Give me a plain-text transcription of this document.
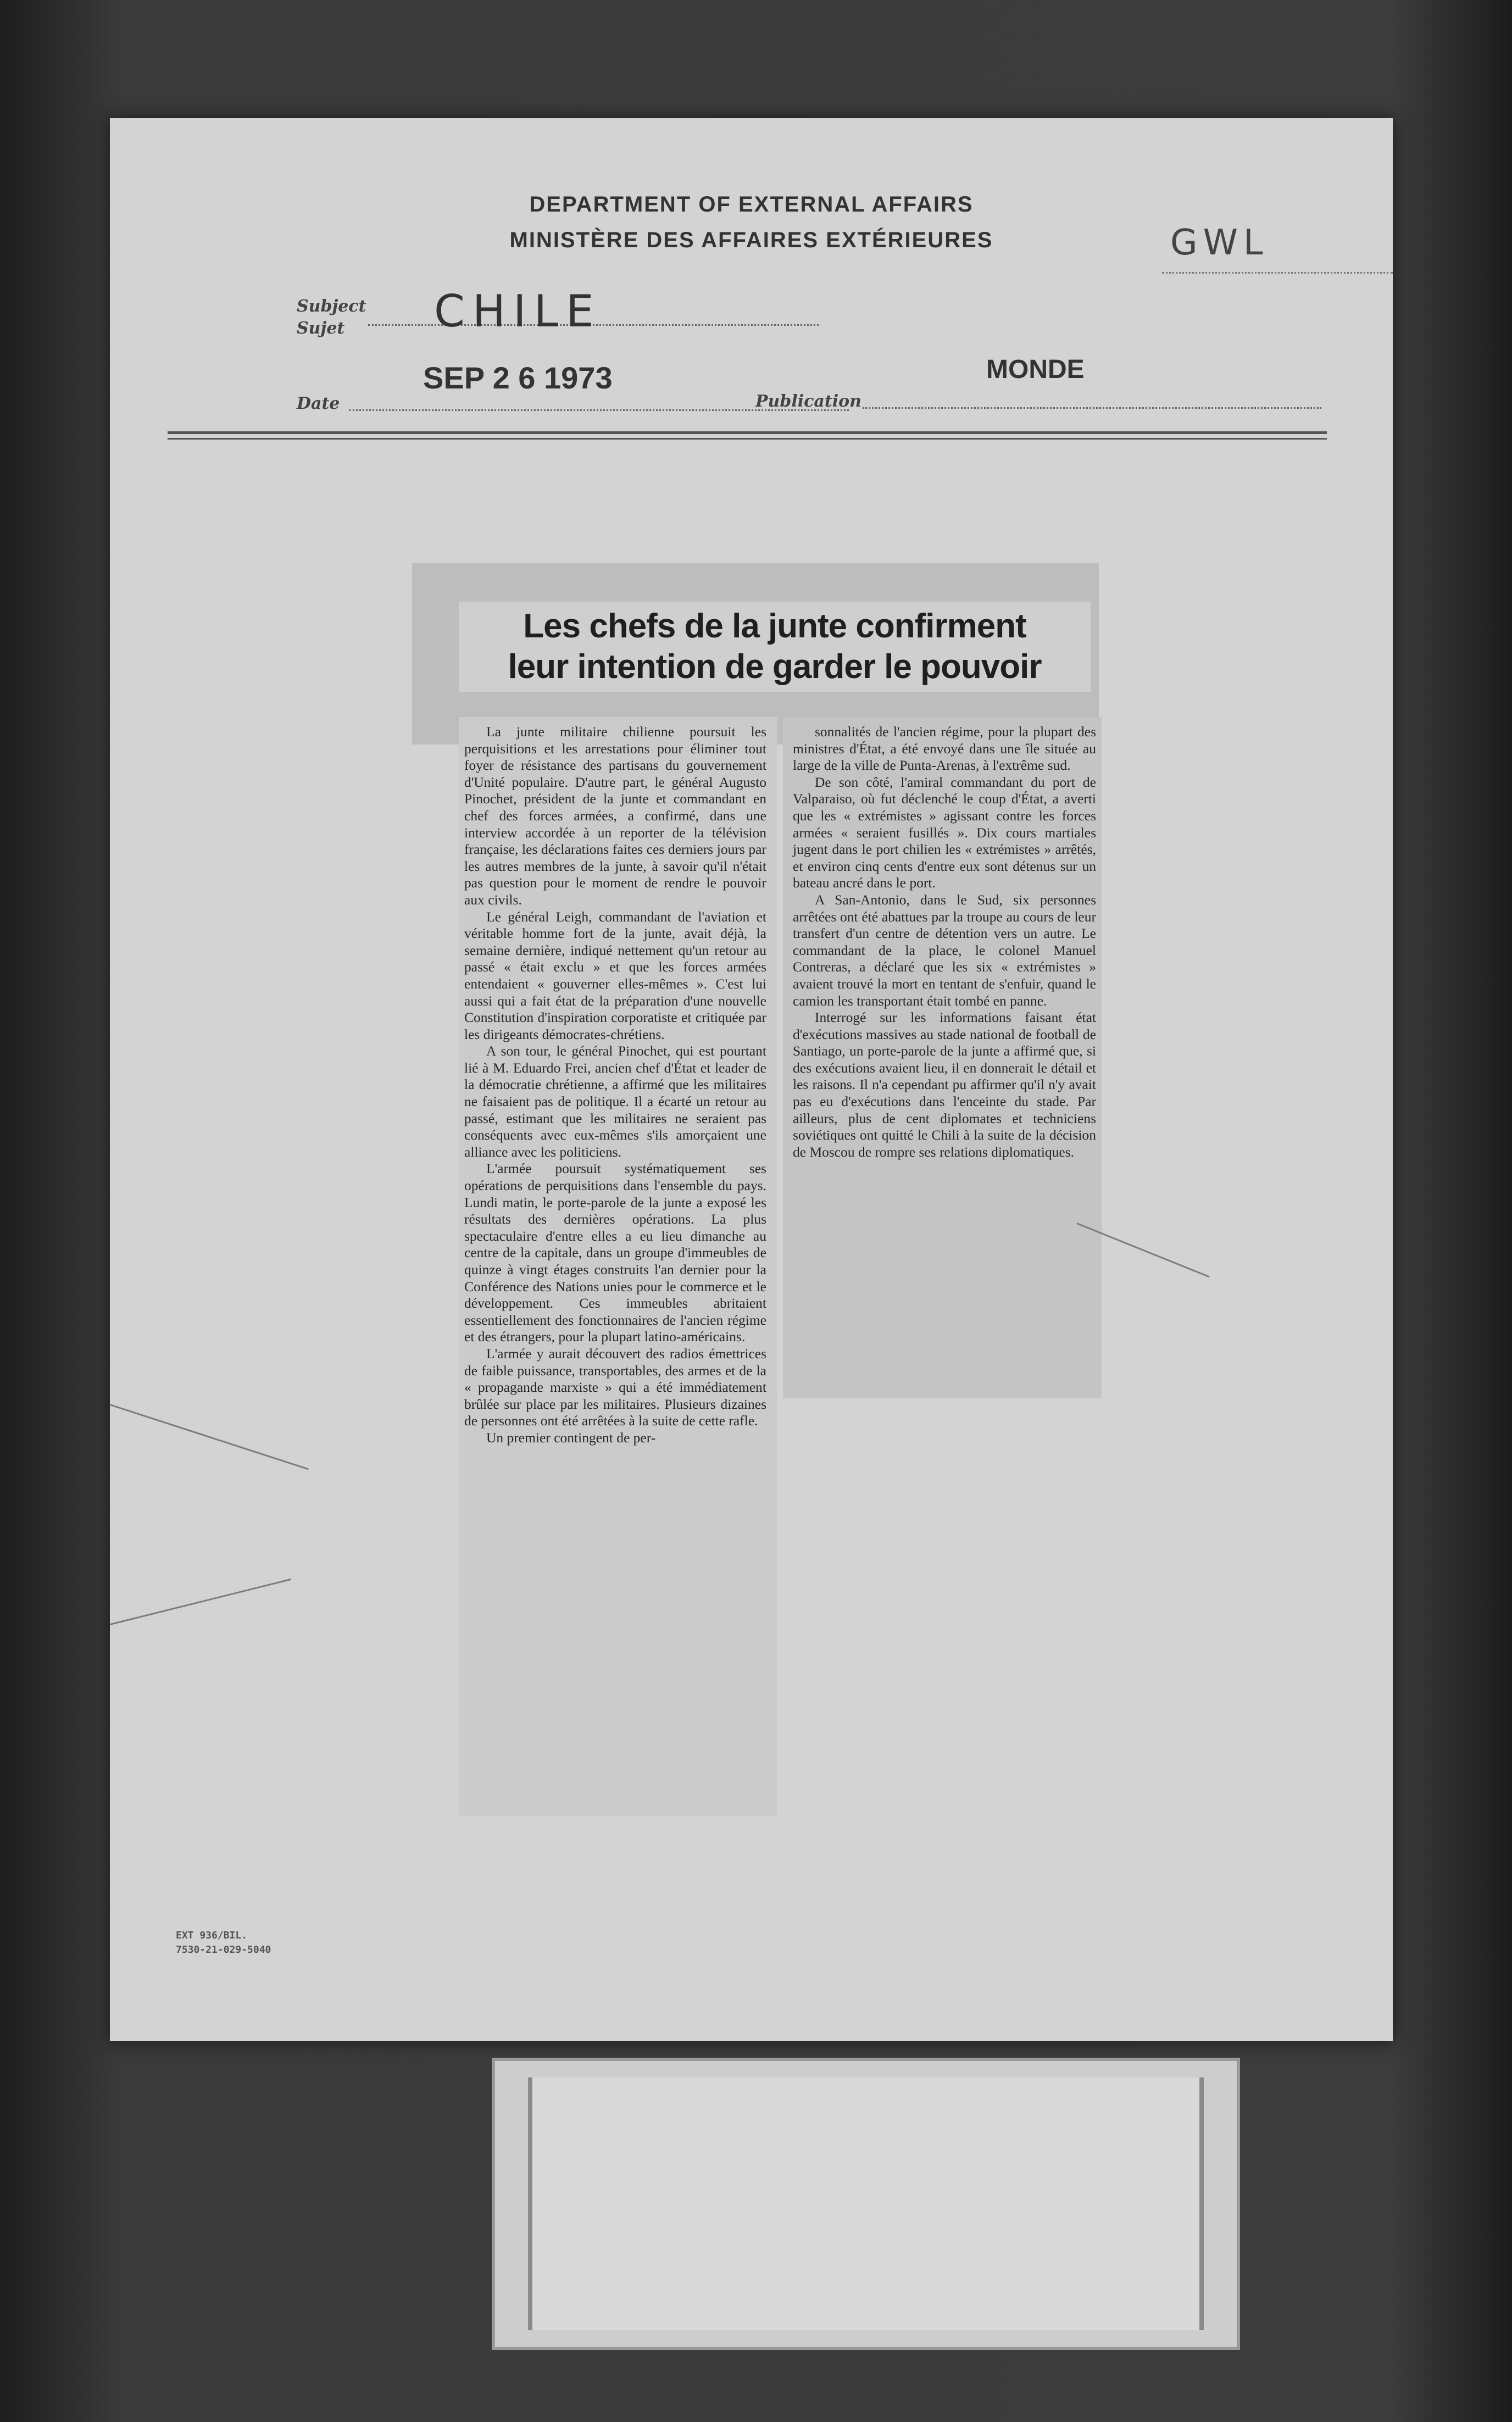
DEPARTMENT OF EXTERNAL AFFAIRS
MINISTÈRE DES AFFAIRES EXTÉRIEURES	GWL
Subject
Sujet CHILE
Date
SEP 2 6 1973
Publication
MONDE
Les chefs de la junte confirment
leur intention de garder le pouvoir

La junte militaire chilienne poursuit les perquisitions et les arrestations pour éliminer tout foyer de résistance des partisans du gouvernement d'Unité populaire. D'autre part, le général Augusto Pinochet, président de la junte et commandant en chef des forces armées, a confirmé, dans une interview accordée à un reporter de la télévision française, les déclarations faites ces derniers jours par les autres membres de la junte, à savoir qu'il n'était pas question pour le moment de rendre le pouvoir aux civils.

Le général Leigh, commandant de l'aviation et véritable homme fort de la junte, avait déjà, la semaine dernière, indiqué nettement qu'un retour au passé « était exclu » et que les forces armées entendaient « gouverner elles-mêmes ». C'est lui aussi qui a fait état de la préparation d'une nouvelle Constitution d'inspiration corporatiste et critiquée par les dirigeants démocrates-chrétiens.

A son tour, le général Pinochet, qui est pourtant lié à M. Eduardo Frei, ancien chef d'État et leader de la démocratie chrétienne, a affirmé que les militaires ne faisaient pas de politique. Il a écarté un retour au passé, estimant que les militaires ne seraient pas conséquents avec eux-mêmes s'ils amorçaient une alliance avec les politiciens.

L'armée poursuit systématiquement ses opérations de perquisitions dans l'ensemble du pays. Lundi matin, le porte-parole de la junte a exposé les résultats des dernières opérations. La plus spectaculaire d'entre elles a eu lieu dimanche au centre de la capitale, dans un groupe d'immeubles de quinze à vingt étages construits l'an dernier pour la Conférence des Nations unies pour le commerce et le développement. Ces immeubles abritaient essentiellement des fonctionnaires de l'ancien régime et des étrangers, pour la plupart latino-américains.

L'armée y aurait découvert des radios émettrices de faible puissance, transportables, des armes et de la « propagande marxiste » qui a été immédiatement brûlée sur place par les militaires. Plusieurs dizaines de personnes ont été arrêtées à la suite de cette rafle.

Un premier contingent de per-

sonnalités de l'ancien régime, pour la plupart des ministres d'État, a été envoyé dans une île située au large de la ville de Punta-Arenas, à l'extrême sud.

De son côté, l'amiral commandant du port de Valparaiso, où fut déclenché le coup d'État, a averti que les « extrémistes » agissant contre les forces armées « seraient fusillés ». Dix cours martiales jugent dans le port chilien les « extrémistes » arrêtés, et environ cinq cents d'entre eux sont détenus sur un bateau ancré dans le port.

A San-Antonio, dans le Sud, six personnes arrêtées ont été abattues par la troupe au cours de leur transfert d'un centre de détention vers un autre. Le commandant de la place, le colonel Manuel Contreras, a déclaré que les six « extrémistes » avaient trouvé la mort en tentant de s'enfuir, quand le camion les transportant était tombé en panne.

Interrogé sur les informations faisant état d'exécutions massives au stade national de football de Santiago, un porte-parole de la junte a affirmé que, si des exécutions avaient lieu, il en donnerait le détail et les raisons. Il n'a cependant pu affirmer qu'il n'y avait pas eu d'exécutions dans l'enceinte du stade. Par ailleurs, plus de cent diplomates et techniciens soviétiques ont quitté le Chili à la suite de la décision de Moscou de rompre ses relations diplomatiques.

EXT 936/BIL.
7530-21-029-5040
